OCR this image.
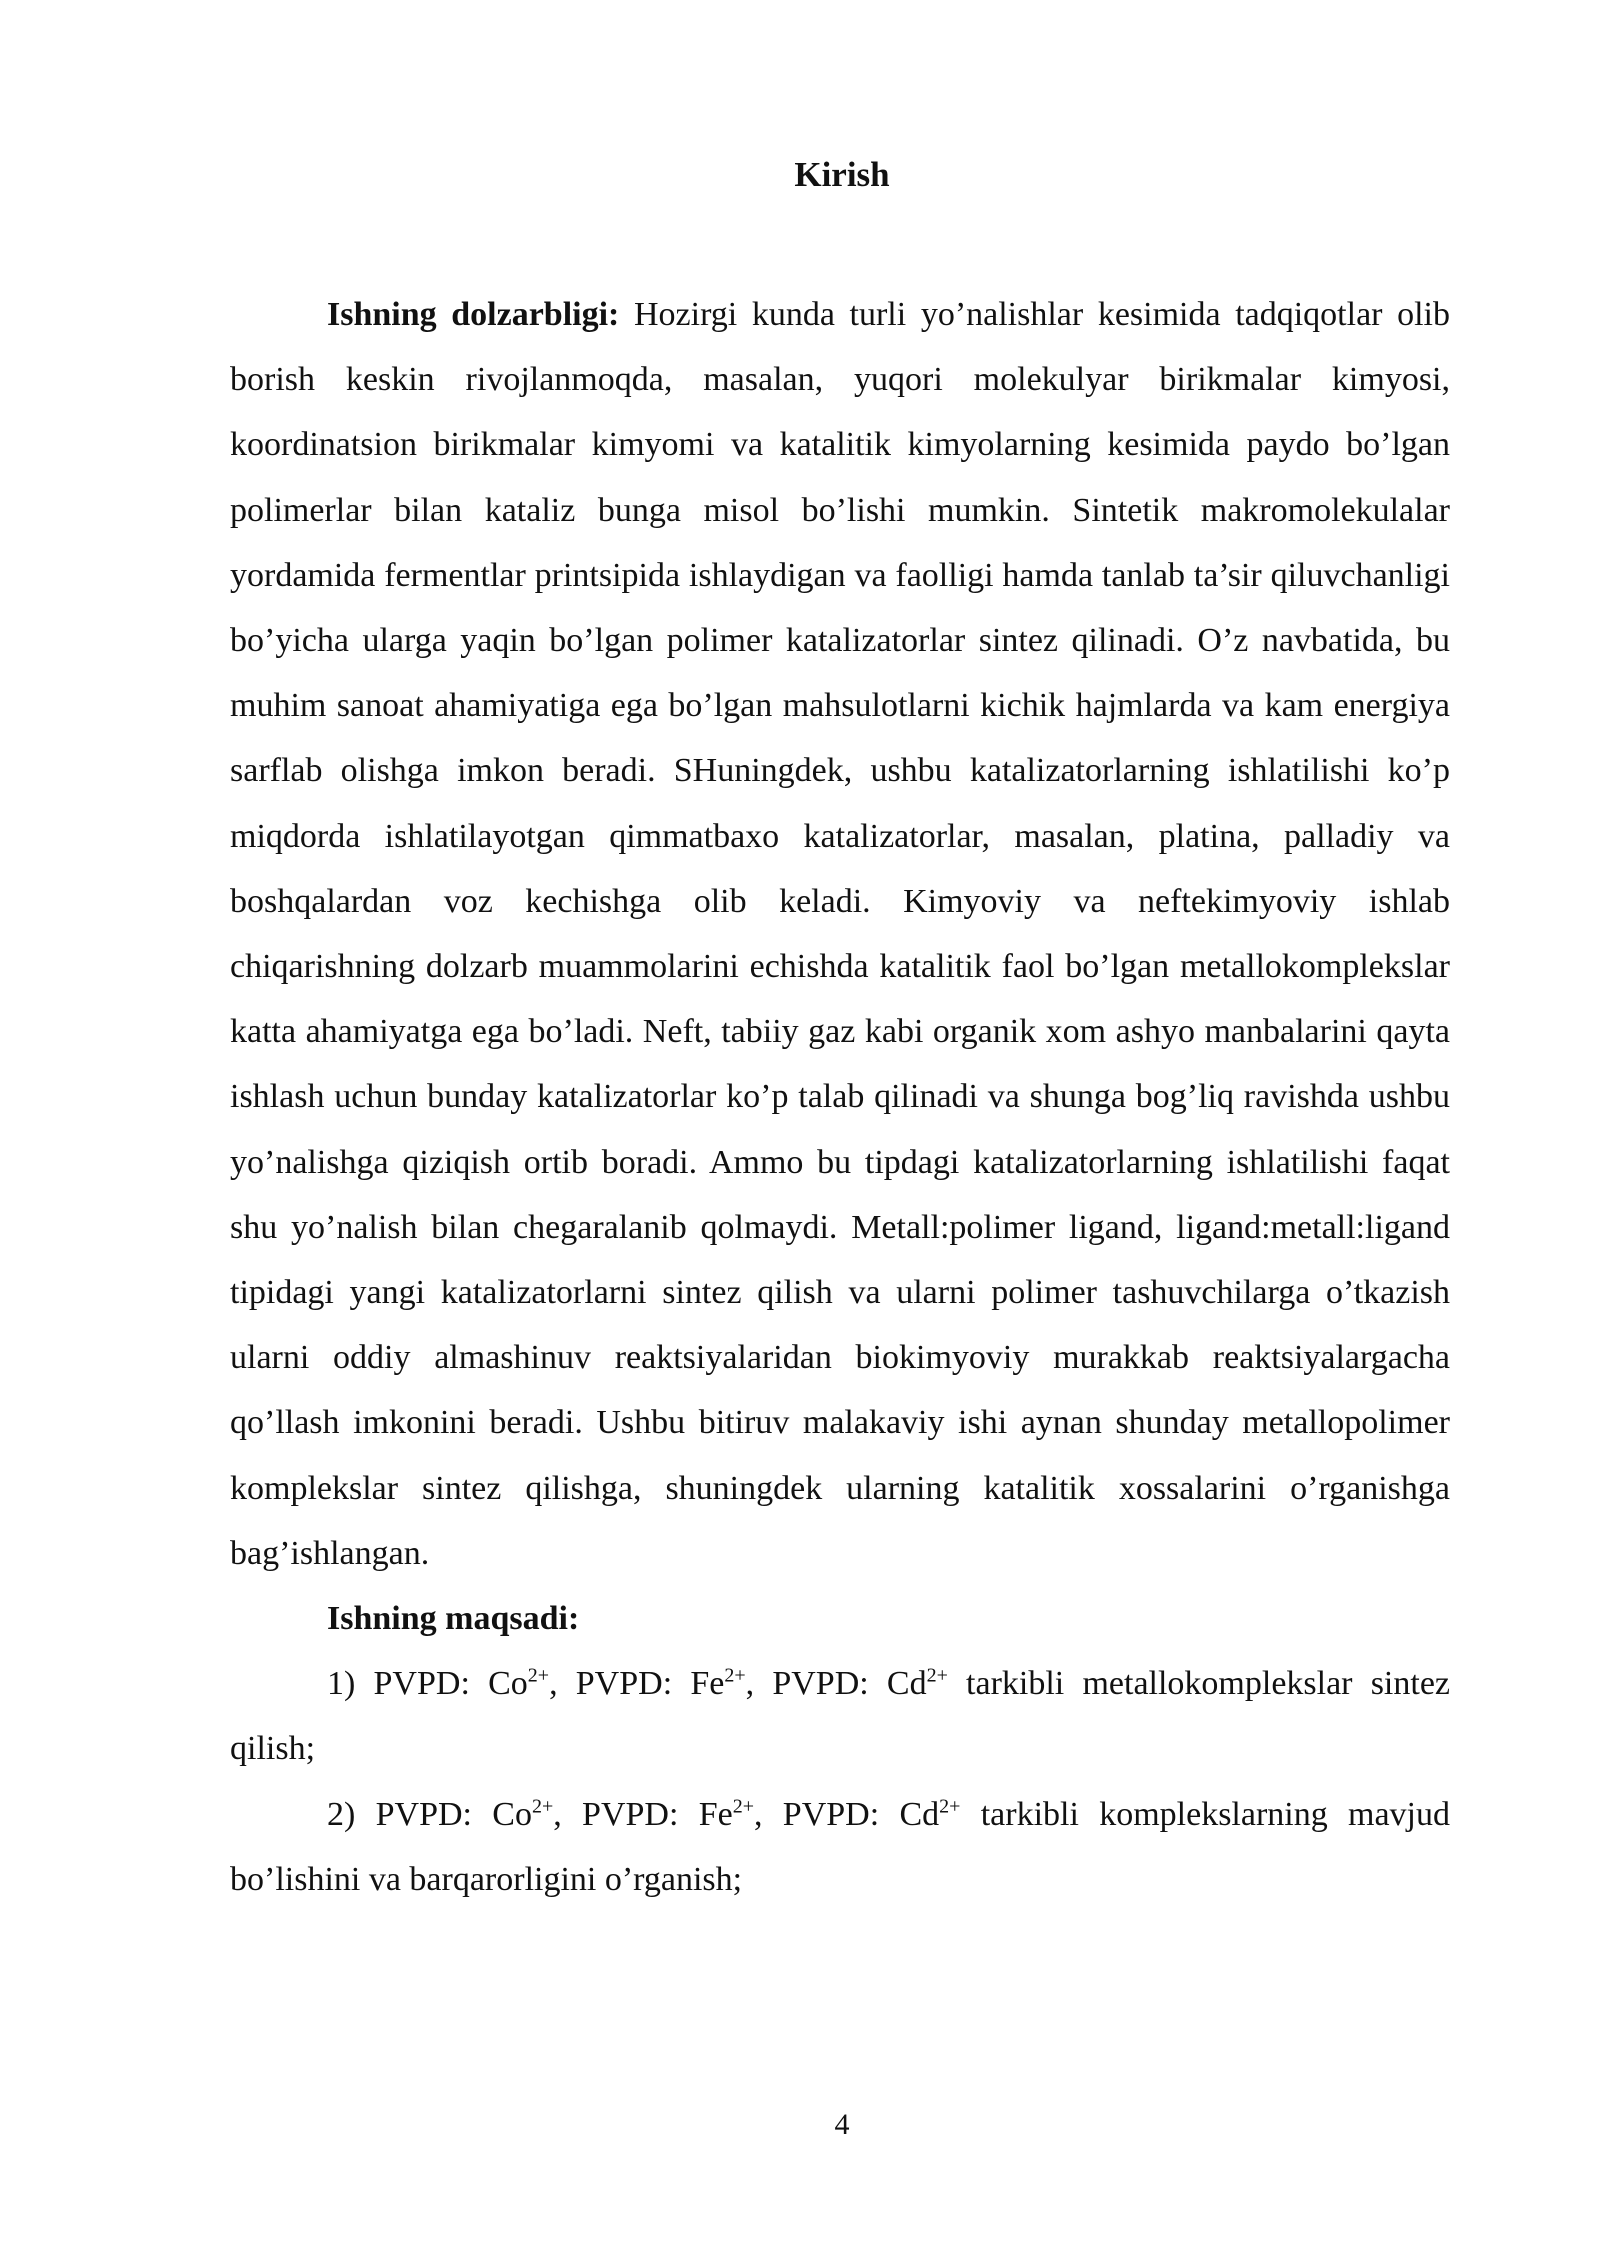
Kirish

Ishning dolzarbligi: Hozirgi kunda turli yo’nalishlar kesimida tadqiqotlar olib borish keskin rivojlanmoqda, masalan, yuqori molekulyar birikmalar kimyosi, koordinatsion birikmalar kimyomi va katalitik kimyolarning kesimida paydo bo’lgan polimerlar bilan kataliz bunga misol bo’lishi mumkin. Sintetik makromolekulalar yordamida fermentlar printsipida ishlaydigan va faolligi hamda tanlab ta’sir qiluvchanligi bo’yicha ularga yaqin bo’lgan polimer katalizatorlar sintez qilinadi. O’z navbatida, bu muhim sanoat ahamiyatiga ega bo’lgan mahsulotlarni kichik hajmlarda va kam energiya sarflab olishga imkon beradi. SHuningdek, ushbu katalizatorlarning ishlatilishi ko’p miqdorda ishlatilayotgan qimmatbaxo katalizatorlar, masalan, platina, palladiy va boshqalardan voz kechishga olib keladi. Kimyoviy va neftekimyoviy ishlab chiqarishning dolzarb muammolarini echishda katalitik faol bo’lgan metallokomplekslar katta ahamiyatga ega bo’ladi. Neft, tabiiy gaz kabi organik xom ashyo manbalarini qayta ishlash uchun bunday katalizatorlar ko’p talab qilinadi va shunga bog’liq ravishda ushbu yo’nalishga qiziqish ortib boradi. Ammo bu tipdagi katalizatorlarning ishlatilishi faqat shu yo’nalish bilan chegaralanib qolmaydi. Metall:polimer ligand, ligand:metall:ligand tipidagi yangi katalizatorlarni sintez qilish va ularni polimer tashuvchilarga o’tkazish ularni oddiy almashinuv reaktsiyalaridan biokimyoviy murakkab reaktsiyalargacha qo’llash imkonini beradi. Ushbu bitiruv malakaviy ishi aynan shunday metallopolimer komplekslar sintez qilishga, shuningdek ularning katalitik xossalarini o’rganishga bag’ishlangan.

Ishning maqsadi:

1) PVPD: $Co^{2+}$, PVPD: $Fe^{2+}$, PVPD: $Cd^{2+}$ tarkibli metallokomplekslar sintez qilish;

2) PVPD: $Co^{2+}$, PVPD: $Fe^{2+}$, PVPD: $Cd^{2+}$ tarkibli komplekslarning mavjud bo’lishini va barqarorligini o’rganish;

4
